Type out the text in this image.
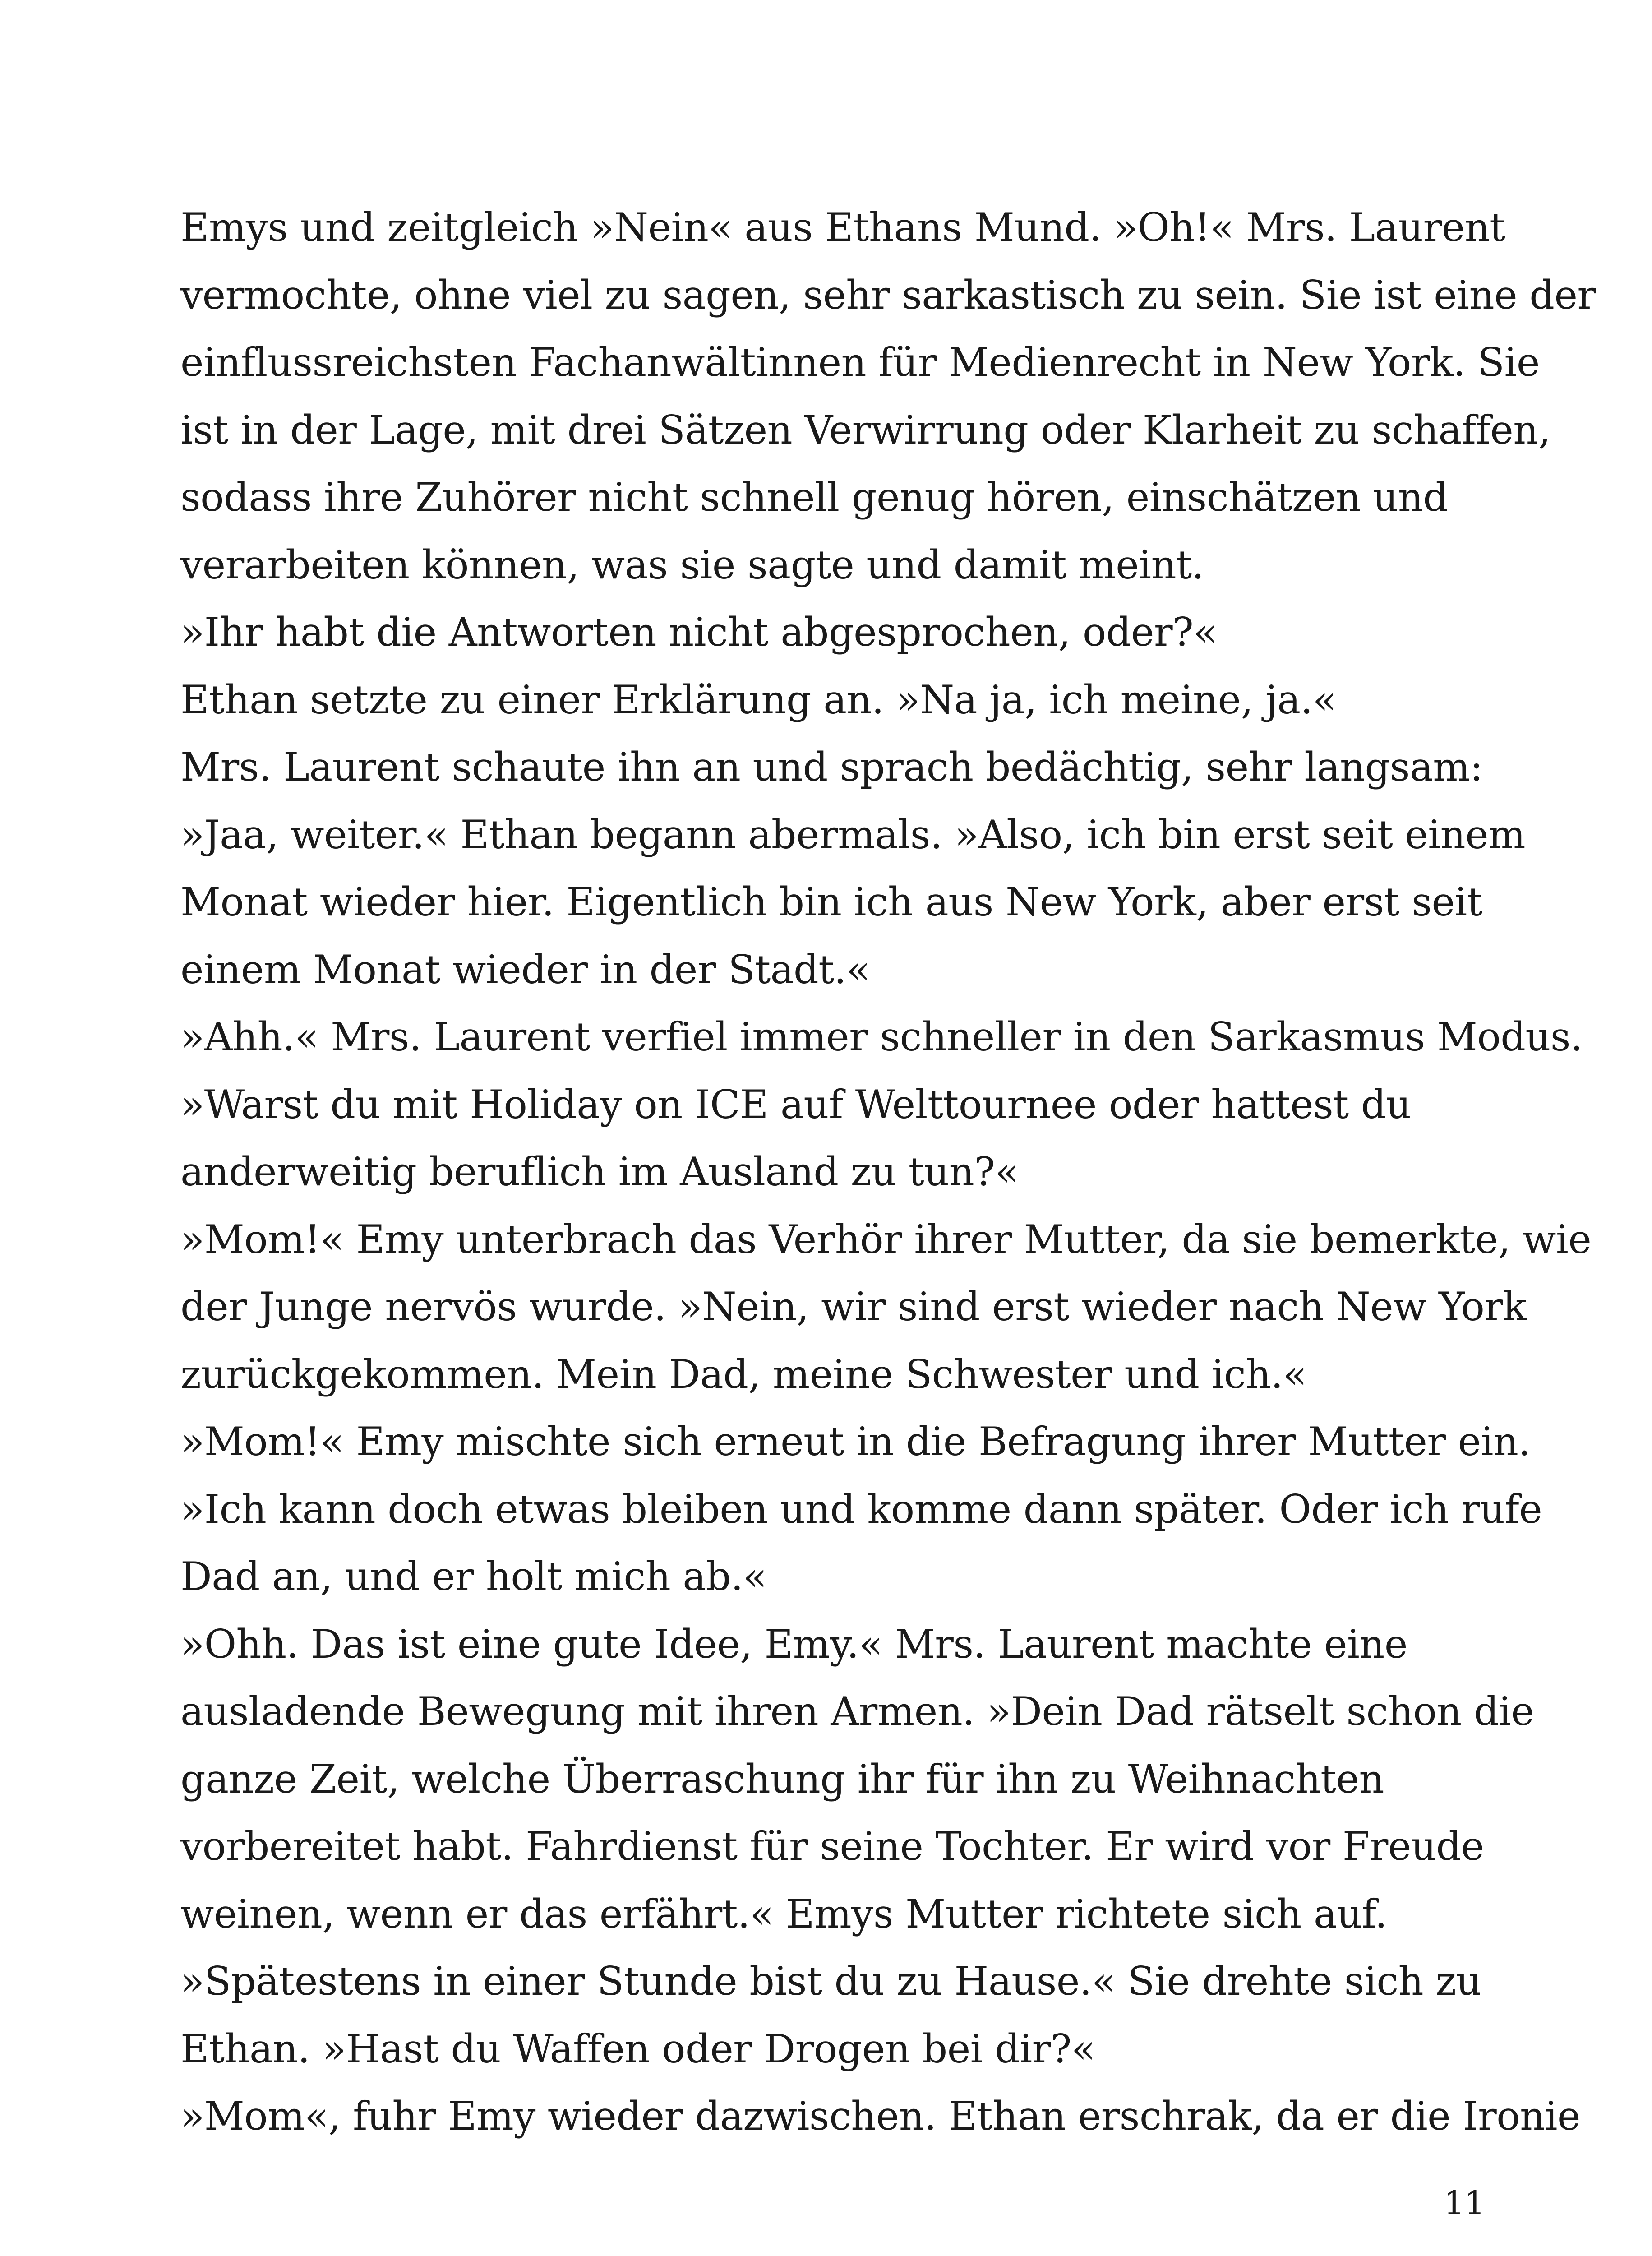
Emys und zeitgleich »Nein« aus Ethans Mund. »Oh!« Mrs. Laurent
vermochte, ohne viel zu sagen, sehr sarkastisch zu sein. Sie ist eine der
einflussreichsten Fachanwältinnen für Medienrecht in New York. Sie
ist in der Lage, mit drei Sätzen Verwirrung oder Klarheit zu schaffen,
sodass ihre Zuhörer nicht schnell genug hören, einschätzen und
verarbeiten können, was sie sagte und damit meint.
»Ihr habt die Antworten nicht abgesprochen, oder?«
Ethan setzte zu einer Erklärung an. »Na ja, ich meine, ja.«
Mrs. Laurent schaute ihn an und sprach bedächtig, sehr langsam:
»Jaa, weiter.« Ethan begann abermals. »Also, ich bin erst seit einem
Monat wieder hier. Eigentlich bin ich aus New York, aber erst seit
einem Monat wieder in der Stadt.«
»Ahh.« Mrs. Laurent verfiel immer schneller in den Sarkasmus Modus.
»Warst du mit Holiday on ICE auf Welttournee oder hattest du
anderweitig beruflich im Ausland zu tun?«
»Mom!« Emy unterbrach das Verhör ihrer Mutter, da sie bemerkte, wie
der Junge nervös wurde. »Nein, wir sind erst wieder nach New York
zurückgekommen. Mein Dad, meine Schwester und ich.«
»Mom!« Emy mischte sich erneut in die Befragung ihrer Mutter ein.
»Ich kann doch etwas bleiben und komme dann später. Oder ich rufe
Dad an, und er holt mich ab.«
»Ohh. Das ist eine gute Idee, Emy.« Mrs. Laurent machte eine
ausladende Bewegung mit ihren Armen. »Dein Dad rätselt schon die
ganze Zeit, welche Überraschung ihr für ihn zu Weihnachten
vorbereitet habt. Fahrdienst für seine Tochter. Er wird vor Freude
weinen, wenn er das erfährt.« Emys Mutter richtete sich auf.
»Spätestens in einer Stunde bist du zu Hause.« Sie drehte sich zu
Ethan. »Hast du Waffen oder Drogen bei dir?«
»Mom«, fuhr Emy wieder dazwischen. Ethan erschrak, da er die Ironie
11
